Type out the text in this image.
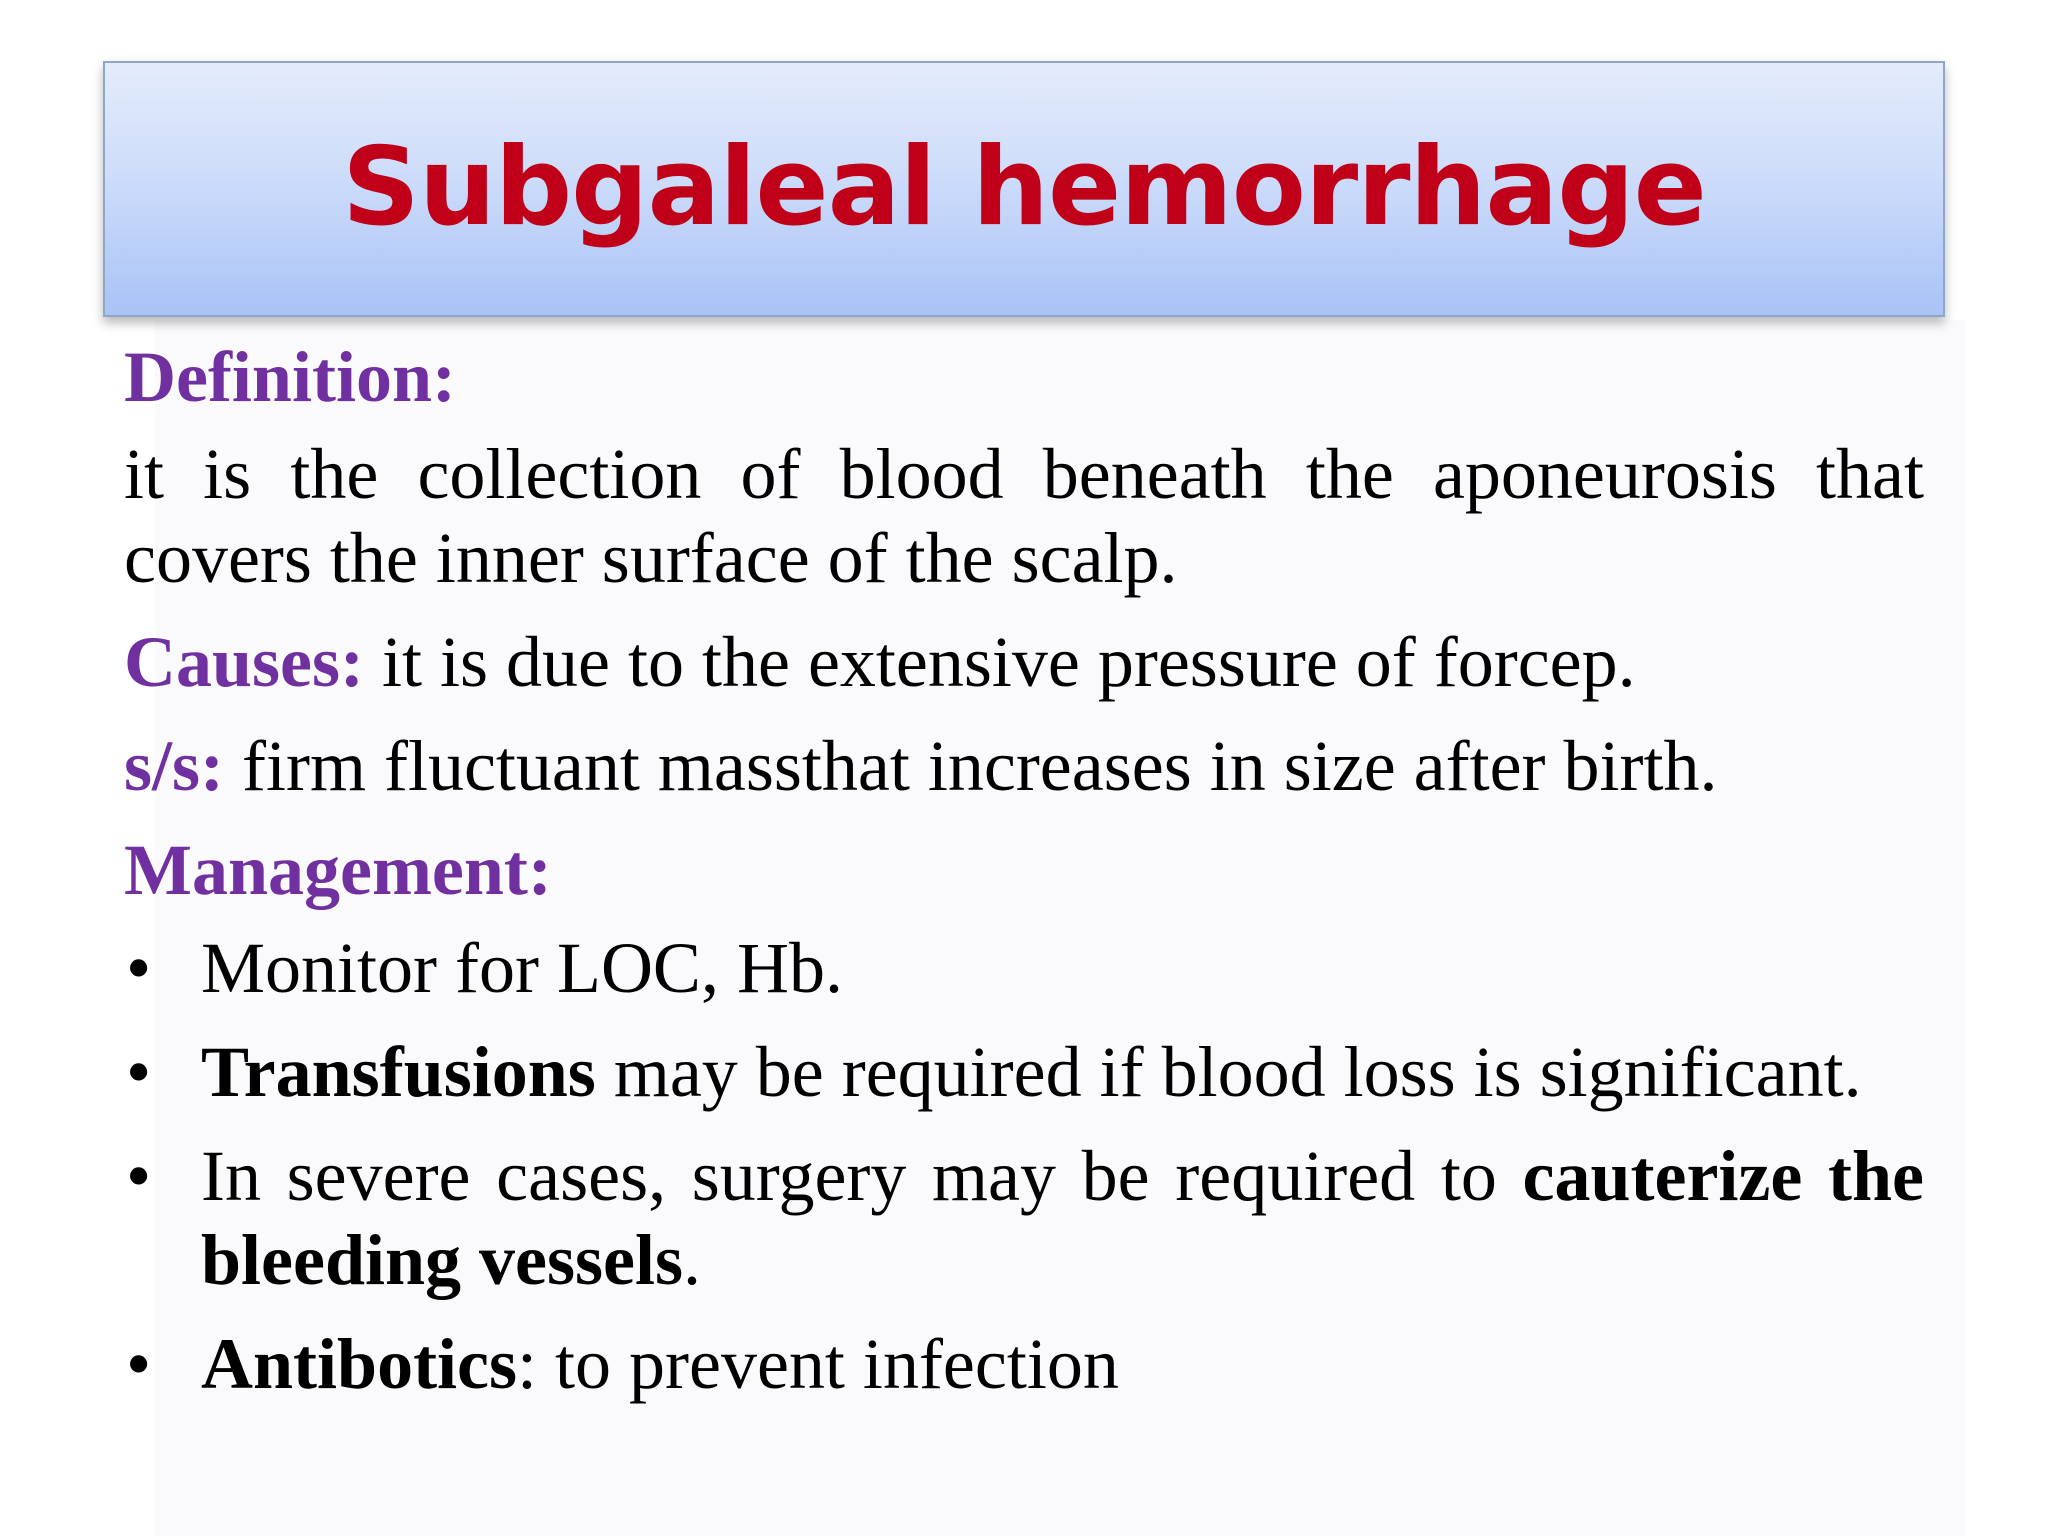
Subgaleal hemorrhage

Definition:

it is the collection of blood beneath the aponeurosis that covers the inner surface of the scalp.

Causes: it is due to the extensive pressure of forcep.

s/s: firm fluctuant massthat increases in size after birth.

Management:

• Monitor for LOC, Hb.
• Transfusions may be required if blood loss is significant.
• In severe cases, surgery may be required to cauterize the bleeding vessels.
• Antibotics: to prevent infection
